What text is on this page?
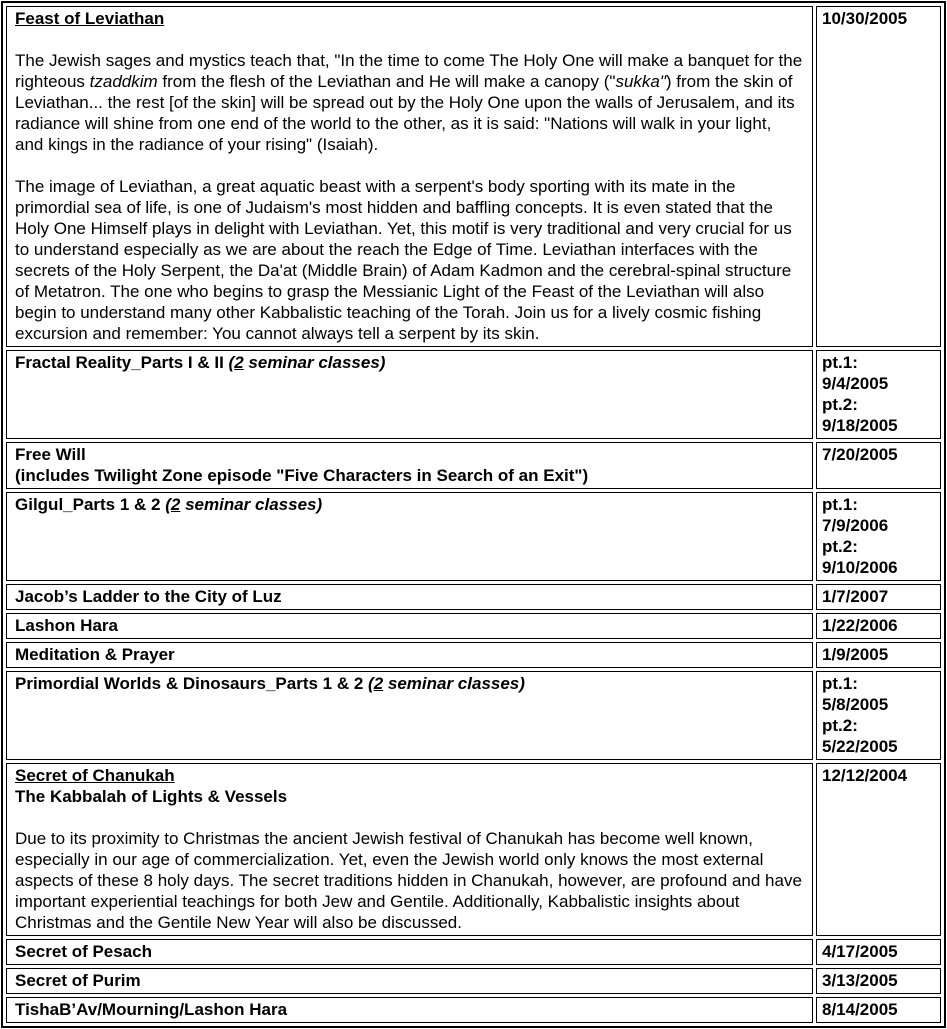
Feast of Leviathan

The Jewish sages and mystics teach that, "In the time to come The Holy One will make a banquet for the righteous tzaddkim from the flesh of the Leviathan and He will make a canopy ("sukka") from the skin of Leviathan... the rest [of the skin] will be spread out by the Holy One upon the walls of Jerusalem, and its radiance will shine from one end of the world to the other, as it is said: "Nations will walk in your light, and kings in the radiance of your rising" (Isaiah).

The image of Leviathan, a great aquatic beast with a serpent's body sporting with its mate in the primordial sea of life, is one of Judaism's most hidden and baffling concepts. It is even stated that the Holy One Himself plays in delight with Leviathan. Yet, this motif is very traditional and very crucial for us to understand especially as we are about the reach the Edge of Time. Leviathan interfaces with the secrets of the Holy Serpent, the Da'at (Middle Brain) of Adam Kadmon and the cerebral-spinal structure of Metatron. The one who begins to grasp the Messianic Light of the Feast of the Leviathan will also begin to understand many other Kabbalistic teaching of the Torah. Join us for a lively cosmic fishing excursion and remember: You cannot always tell a serpent by its skin.	10/30/2005

Fractal Reality_Parts I & II (2 seminar classes)	pt.1:
9/4/2005
pt.2:
9/18/2005

Free Will
(includes Twilight Zone episode "Five Characters in Search of an Exit")	7/20/2005

Gilgul_Parts 1 & 2 (2 seminar classes)	pt.1:
7/9/2006
pt.2:
9/10/2006

Jacob’s Ladder to the City of Luz	1/7/2007

Lashon Hara	1/22/2006

Meditation & Prayer	1/9/2005

Primordial Worlds & Dinosaurs_Parts 1 & 2 (2 seminar classes)	pt.1:
5/8/2005
pt.2:
5/22/2005

Secret of Chanukah
The Kabbalah of Lights & Vessels

Due to its proximity to Christmas the ancient Jewish festival of Chanukah has become well known, especially in our age of commercialization. Yet, even the Jewish world only knows the most external aspects of these 8 holy days. The secret traditions hidden in Chanukah, however, are profound and have important experiential teachings for both Jew and Gentile. Additionally, Kabbalistic insights about Christmas and the Gentile New Year will also be discussed.	12/12/2004

Secret of Pesach	4/17/2005

Secret of Purim	3/13/2005

TishaB’Av/Mourning/Lashon Hara	8/14/2005
